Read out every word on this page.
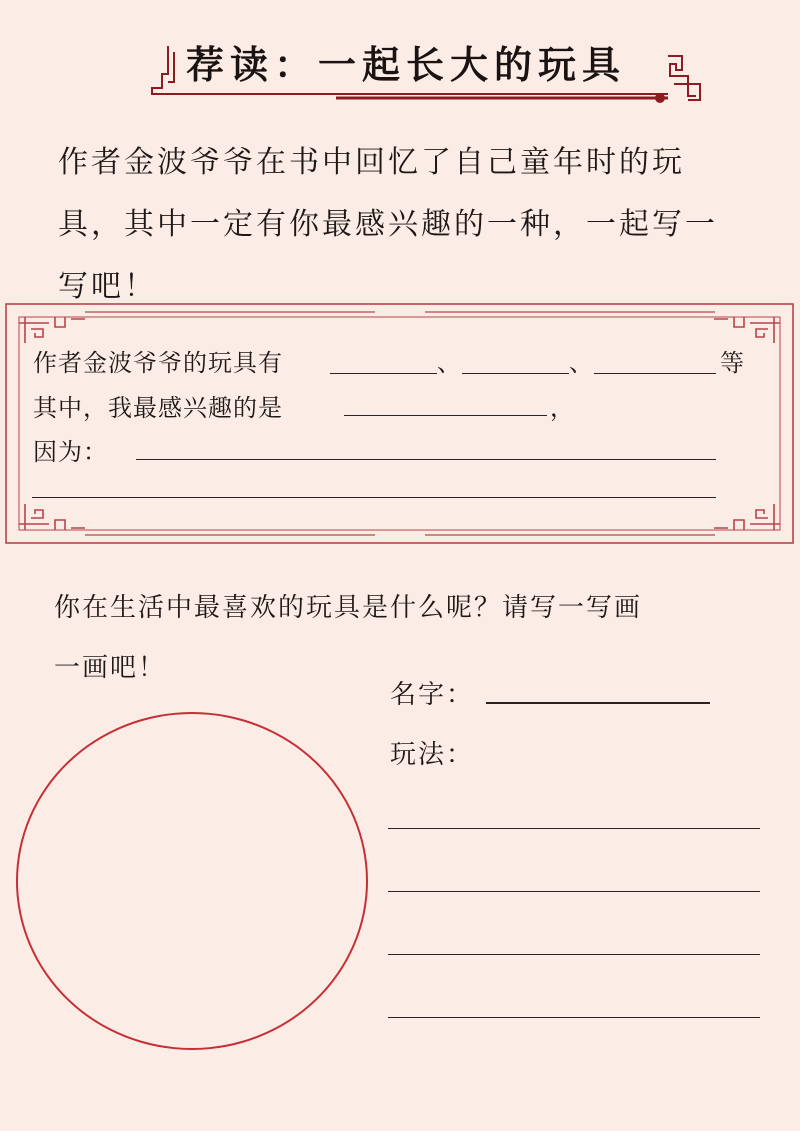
荐读：一起长大的玩具
作者金波爷爷在书中回忆了自己童年时的玩
具，其中一定有你最感兴趣的一种，一起写一
写吧！
作者金波爷爷的玩具有	、	、	等
其中，我最感兴趣的是	，
因为：
你在生活中最喜欢的玩具是什么呢？请写一写画
一画吧！
名字：
玩法：
